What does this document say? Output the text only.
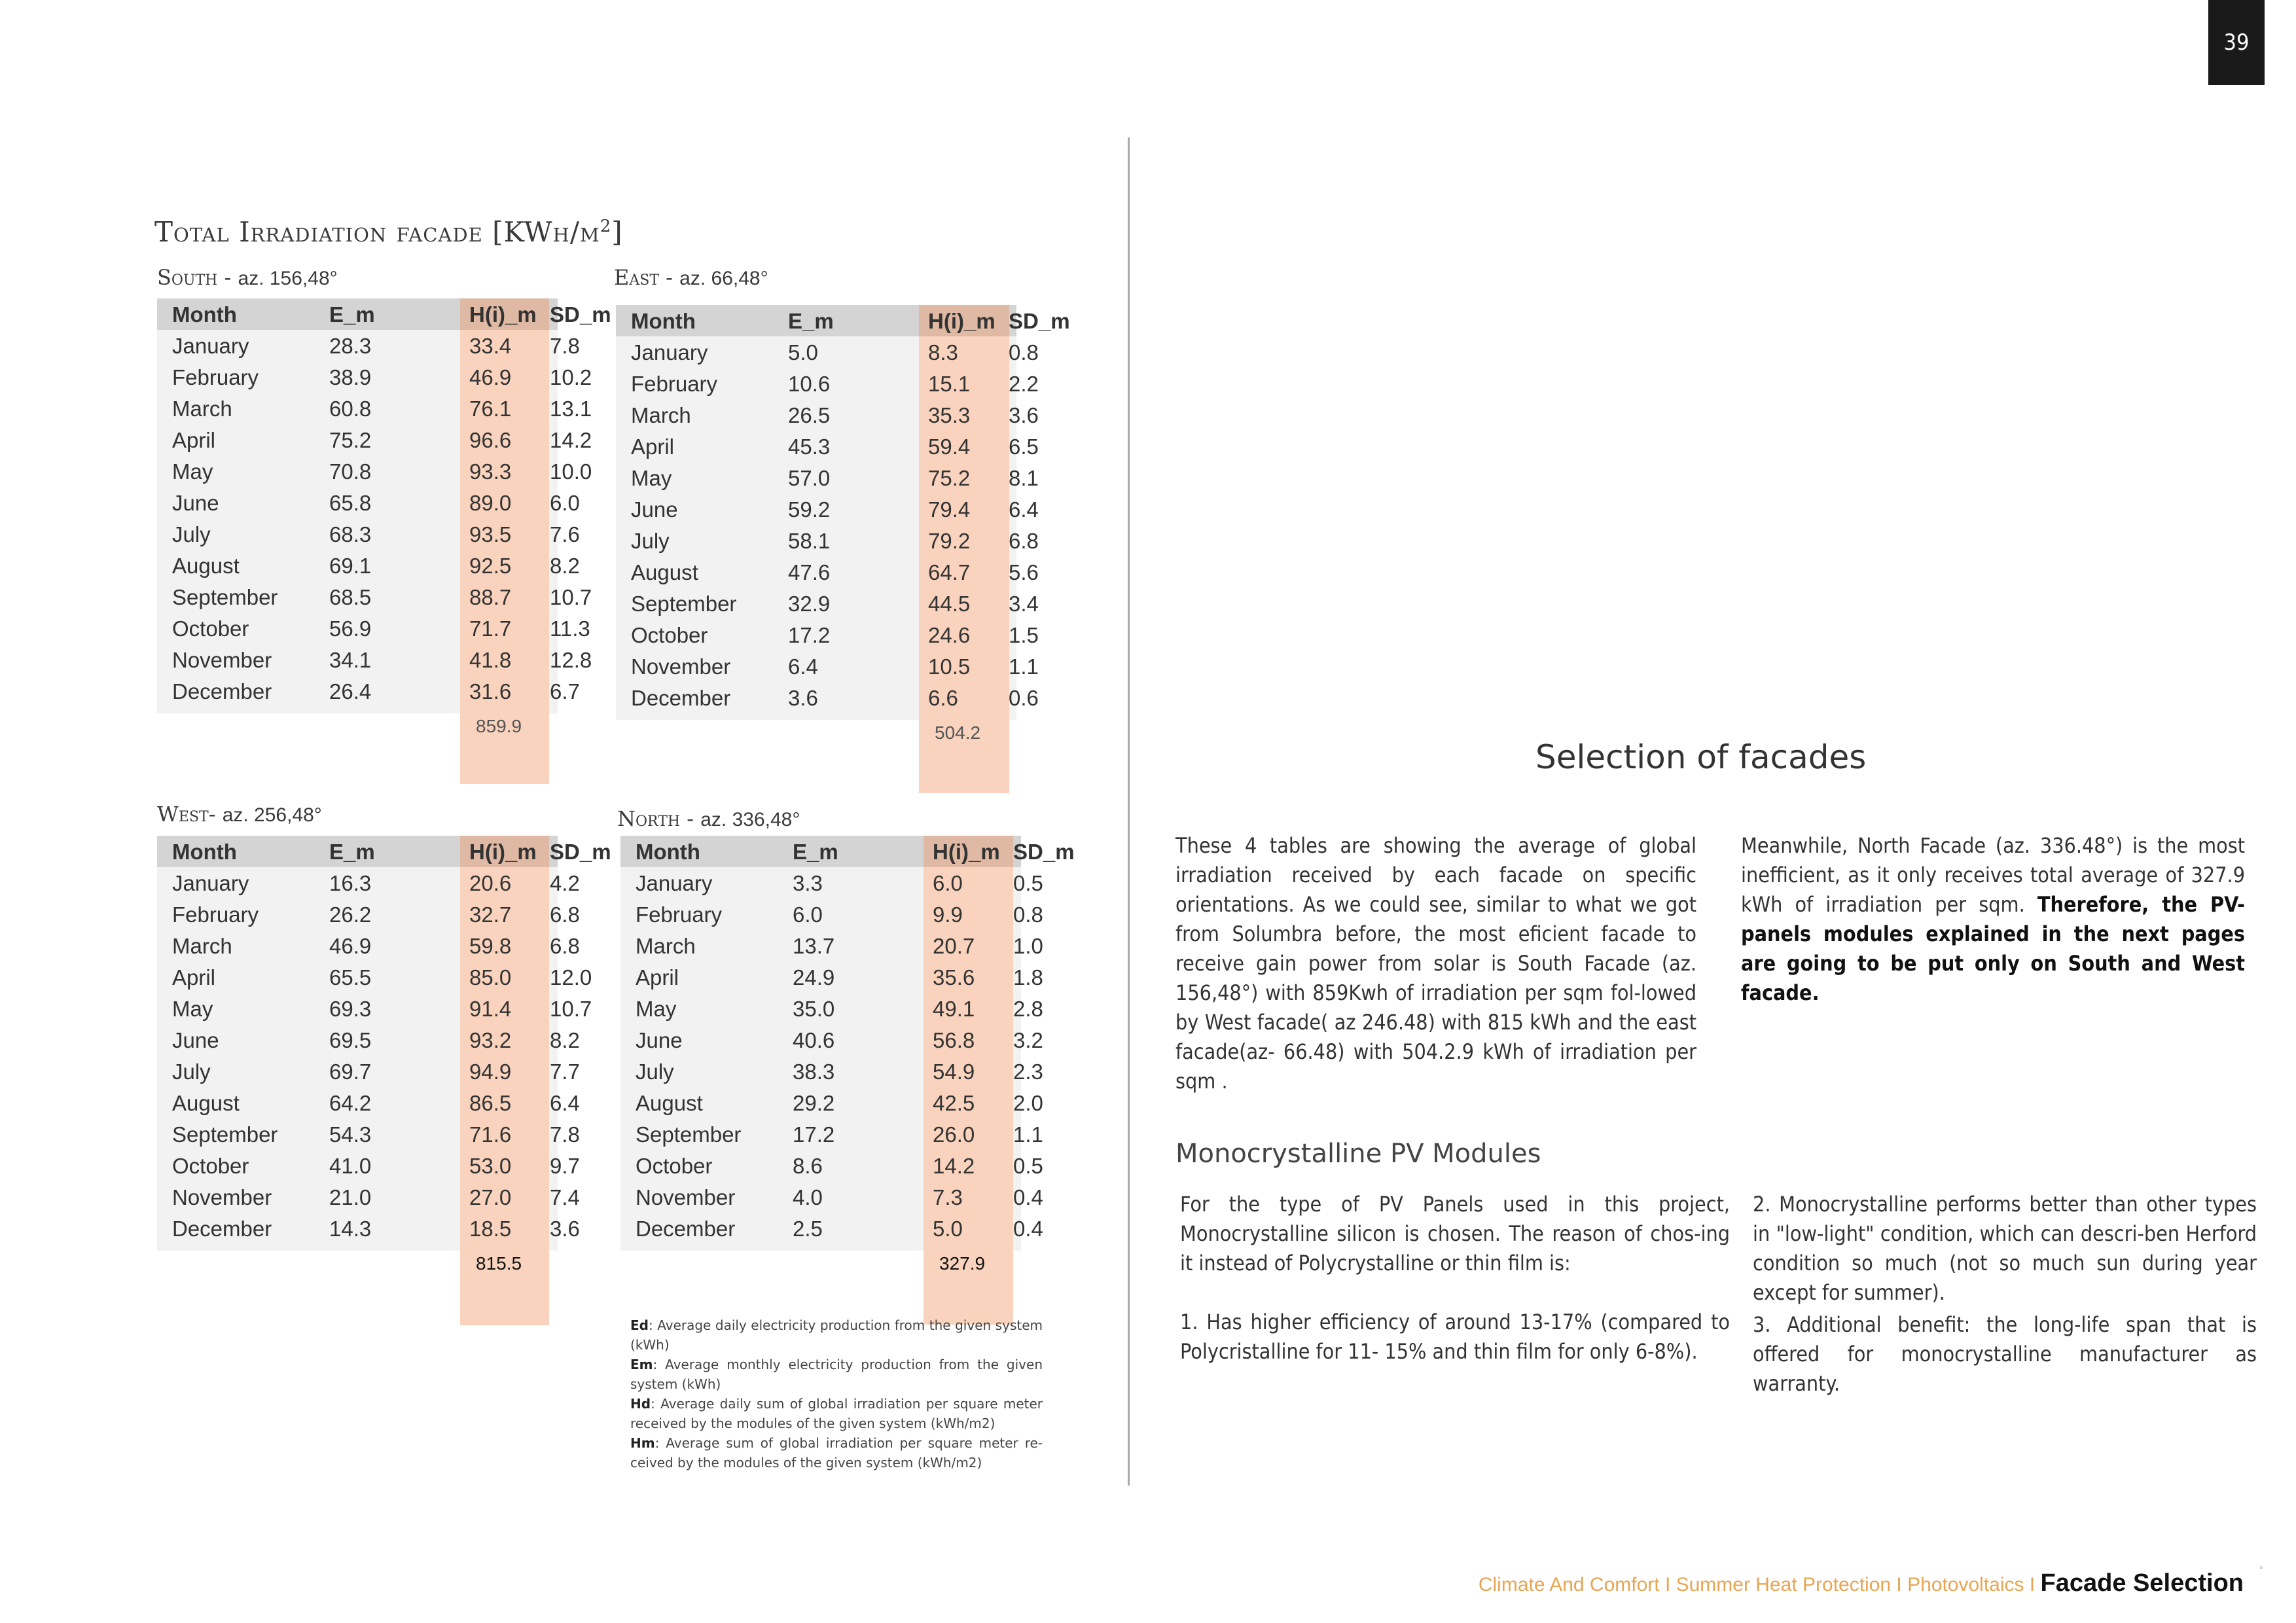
39
Total Irradiation facade $[KWh/m^2]$
South - az. 156,48°	East - az. 66,48°
West- az. 256,48°	North - az. 336,48°
Month	E_m	H(i)_m SD_m
January	28.3	33.4 7.8
February	38.9	46.9 10.2
March	60.8	76.1 13.1
April	75.2	96.6 14.2
May	70.8	93.3 10.0
June	65.8	89.0 6.0
July	68.3	93.5 7.6
August	69.1	92.5 8.2
September 68.5	88.7 10.7
October	56.9	71.7 11.3
November	34.1	41.8 12.8
December	26.4	31.6 6.7
859.9
Month	E_m	H(i)_m SD_m
January	5.0	8.3 0.8
February	10.6	15.1 2.2
March	26.5	35.3 3.6
April	45.3	59.4 6.5
May	57.0	75.2 8.1
June	59.2	79.4 6.4
July	58.1	79.2 6.8
August	47.6	64.7 5.6
September 32.9	44.5 3.4
October	17.2	24.6 1.5
November	6.4	10.5 1.1
December	3.6	6.6 0.6
504.2
Month	E_m	H(i)_m SD_m
January	16.3	20.6 4.2
February	26.2	32.7 6.8
March	46.9	59.8 6.8
April	65.5	85.0 12.0
May	69.3	91.4 10.7
June	69.5	93.2 8.2
July	69.7	94.9 7.7
August	64.2	86.5 6.4
September 54.3	71.6 7.8
October	41.0	53.0 9.7
November	21.0	27.0 7.4
December	14.3	18.5 3.6
815.5
Month	E_m	H(i)_m SD_m
January	3.3	6.0 0.5
February	6.0	9.9 0.8
March	13.7	20.7 1.0
April	24.9	35.6 1.8
May	35.0	49.1 2.8
June	40.6	56.8 3.2
July	38.3	54.9 2.3
August	29.2	42.5 2.0
September 17.2	26.0 1.1
October	8.6	14.2 0.5
November	4.0	7.3 0.4
December	2.5	5.0 0.4
327.9
Ed: Average daily electricity production from the given system (kWh)
Em: Average monthly electricity production from the given system (kWh)
Hd: Average daily sum of global irradiation per square meter received by the modules of the given system (kWh/m2)
Hm: Average sum of global irradiation per square meter re-ceived by the modules of the given system (kWh/m2)
Selection of facades
These 4 tables are showing the average of global irradiation received by each facade on specific orientations. As we could see, similar to what we got from Solumbra before, the most eficient facade to receive gain power from solar is South Facade (az. 156,48°) with 859Kwh of irradiation per sqm fol-lowed by West facade( az 246.48) with 815 kWh and the east facade(az- 66.48) with 504.2.9 kWh of irradiation per sqm .
Meanwhile, North Facade (az. 336.48°) is the most inefficient, as it only receives total average of 327.9 kWh of irradiation per sqm. Therefore, the PV-panels modules explained in the next pages are going to be put only on South and West facade.
Monocrystalline PV Modules
For the type of PV Panels used in this project, Monocrystalline silicon is chosen. The reason of chos-ing it instead of Polycrystalline or thin film is:
1. Has higher efficiency of around 13-17% (compared to Polycristalline for 11- 15% and thin film for only 6-8%).
2. Monocrystalline performs better than other types in "low-light" condition, which can descri-ben Herford condition so much (not so much sun during year except for summer).
3. Additional benefit: the long-life span that is offered for monocrystalline manufacturer as warranty.
Climate And Comfort I Summer Heat Protection I Photovoltaics I Facade Selection °
